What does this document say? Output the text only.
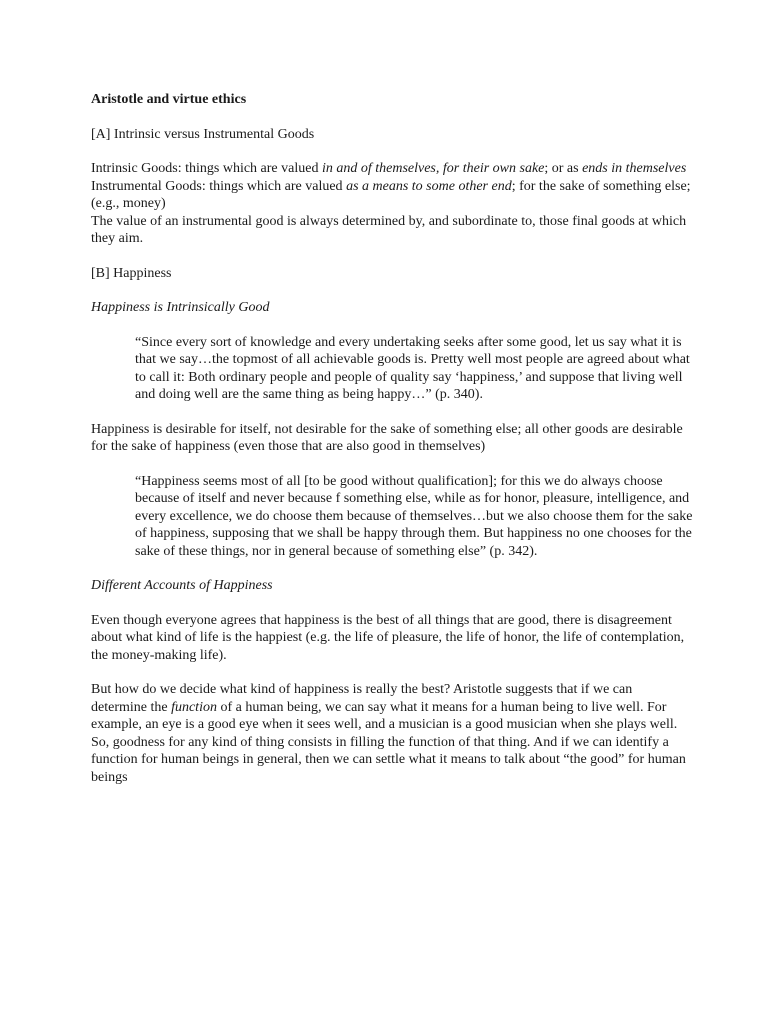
Aristotle and virtue ethics

[A] Intrinsic versus Instrumental Goods

Intrinsic Goods: things which are valued in and of themselves, for their own sake; or as ends in themselves

Instrumental Goods: things which are valued as a means to some other end; for the sake of something else; (e.g., money)

The value of an instrumental good is always determined by, and subordinate to, those final goods at which they aim.

[B] Happiness

Happiness is Intrinsically Good

“Since every sort of knowledge and every undertaking seeks after some good, let us say what it is that we say…the topmost of all achievable goods is. Pretty well most people are agreed about what to call it: Both ordinary people and people of quality say ‘happiness,’ and suppose that living well and doing well are the same thing as being happy…” (p. 340).

Happiness is desirable for itself, not desirable for the sake of something else; all other goods are desirable for the sake of happiness (even those that are also good in themselves)

“Happiness seems most of all [to be good without qualification]; for this we do always choose because of itself and never because f something else, while as for honor, pleasure, intelligence, and every excellence, we do choose them because of themselves…but we also choose them for the sake of happiness, supposing that we shall be happy through them. But happiness no one chooses for the sake of these things, nor in general because of something else” (p. 342).

Different Accounts of Happiness

Even though everyone agrees that happiness is the best of all things that are good, there is disagreement about what kind of life is the happiest (e.g. the life of pleasure, the life of honor, the life of contemplation, the money-making life).

But how do we decide what kind of happiness is really the best? Aristotle suggests that if we can determine the function of a human being, we can say what it means for a human being to live well. For example, an eye is a good eye when it sees well, and a musician is a good musician when she plays well. So, goodness for any kind of thing consists in filling the function of that thing. And if we can identify a function for human beings in general, then we can settle what it means to talk about “the good” for human beings
